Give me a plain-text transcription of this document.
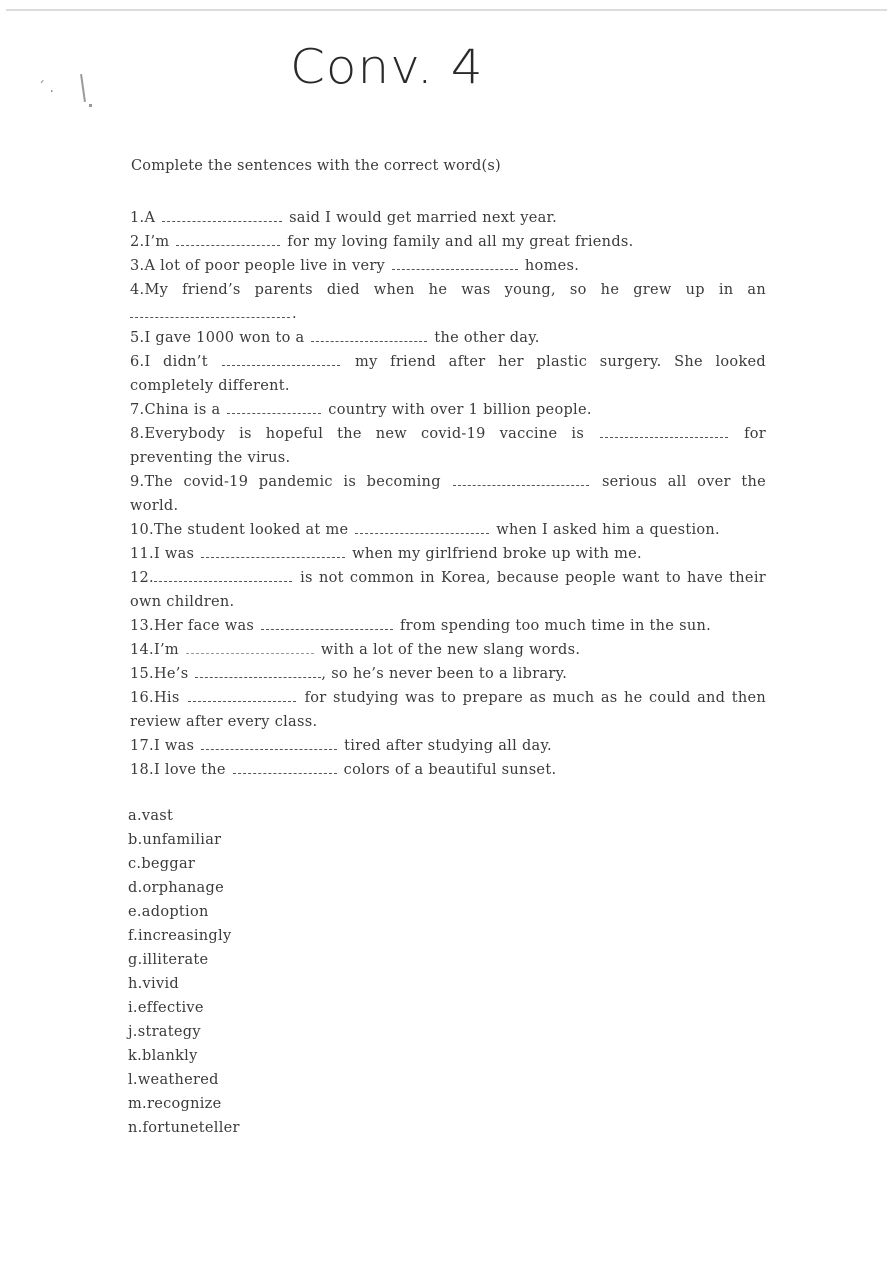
´ .	Conv. 4
Complete the sentences with the correct word(s)

1.A	said I would get married next year.

2.I’m	for my loving family and all my great friends.

3.A lot of poor people live in very	homes.

4.My friend’s parents died when he was young, so he grew up in an
.

5.I gave 1000 won to a	the other day.

6.I didn’t	my friend after her plastic surgery. She looked
completely different.

7.China is a	country with over 1 billion people.

8.Everybody is hopeful the new covid-19 vaccine is	for
preventing the virus.

9.The covid-19 pandemic is becoming	serious all over the
world.

10.The student looked at me	when I asked him a question.

11.I was	when my girlfriend broke up with me.

12.	is not common in Korea, because people want to have their
own children.

13.Her face was	from spending too much time in the sun.

14.I’m	with a lot of the new slang words.

15.He’s	, so he’s never been to a library.

16.His	for studying was to prepare as much as he could and then
review after every class.

17.I was	tired after studying all day.

18.I love the	colors of a beautiful sunset.

a.vast

b.unfamiliar

c.beggar

d.orphanage

e.adoption

f.increasingly

g.illiterate

h.vivid

i.effective

j.strategy

k.blankly

l.weathered

m.recognize

n.fortuneteller
